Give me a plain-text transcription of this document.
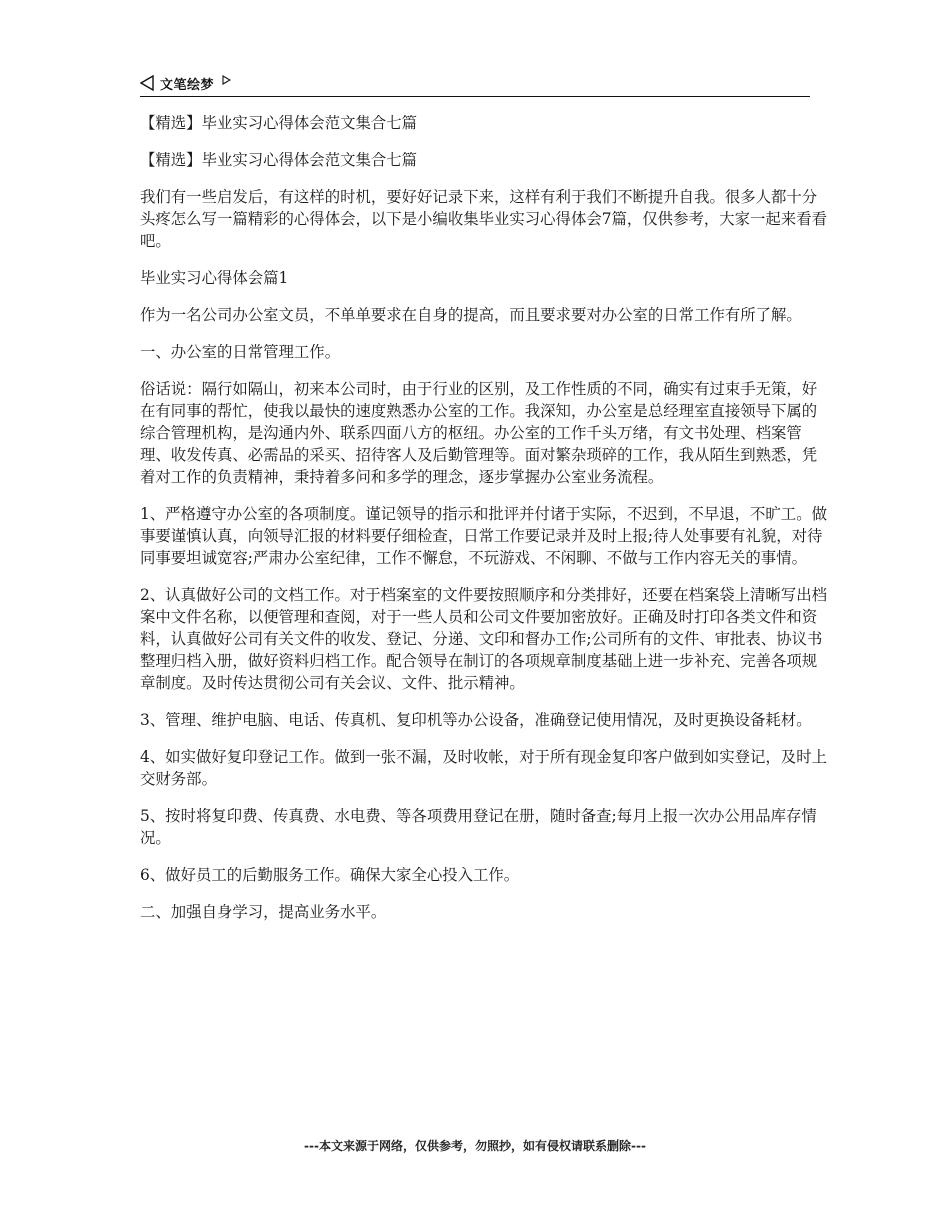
文笔绘梦

【精选】毕业实习心得体会范文集合七篇

【精选】毕业实习心得体会范文集合七篇

我们有一些启发后，有这样的时机，要好好记录下来，这样有利于我们不断提升自我。很多人都十分头疼怎么写一篇精彩的心得体会，以下是小编收集毕业实习心得体会7篇，仅供参考，大家一起来看看吧。

毕业实习心得体会篇1

作为一名公司办公室文员，不单单要求在自身的提高，而且要求要对办公室的日常工作有所了解。

一、办公室的日常管理工作。

俗话说：隔行如隔山，初来本公司时，由于行业的区别，及工作性质的不同，确实有过束手无策，好在有同事的帮忙，使我以最快的速度熟悉办公室的工作。我深知，办公室是总经理室直接领导下属的综合管理机构，是沟通内外、联系四面八方的枢纽。办公室的工作千头万绪，有文书处理、档案管理、收发传真、必需品的采买、招待客人及后勤管理等。面对繁杂琐碎的工作，我从陌生到熟悉，凭着对工作的负责精神，秉持着多问和多学的理念，逐步掌握办公室业务流程。

1、严格遵守办公室的各项制度。谨记领导的指示和批评并付诸于实际，不迟到，不早退，不旷工。做事要谨慎认真，向领导汇报的材料要仔细检查，日常工作要记录并及时上报;待人处事要有礼貌，对待同事要坦诚宽容;严肃办公室纪律，工作不懈怠，不玩游戏、不闲聊、不做与工作内容无关的事情。

2、认真做好公司的文档工作。对于档案室的文件要按照顺序和分类排好，还要在档案袋上清晰写出档案中文件名称，以便管理和查阅，对于一些人员和公司文件要加密放好。正确及时打印各类文件和资料，认真做好公司有关文件的收发、登记、分递、文印和督办工作;公司所有的文件、审批表、协议书整理归档入册，做好资料归档工作。配合领导在制订的各项规章制度基础上进一步补充、完善各项规章制度。及时传达贯彻公司有关会议、文件、批示精神。

3、管理、维护电脑、电话、传真机、复印机等办公设备，准确登记使用情况，及时更换设备耗材。

4、如实做好复印登记工作。做到一张不漏，及时收帐，对于所有现金复印客户做到如实登记，及时上交财务部。

5、按时将复印费、传真费、水电费、等各项费用登记在册，随时备查;每月上报一次办公用品库存情况。

6、做好员工的后勤服务工作。确保大家全心投入工作。

二、加强自身学习，提高业务水平。

---本文来源于网络，仅供参考，勿照抄，如有侵权请联系删除---
